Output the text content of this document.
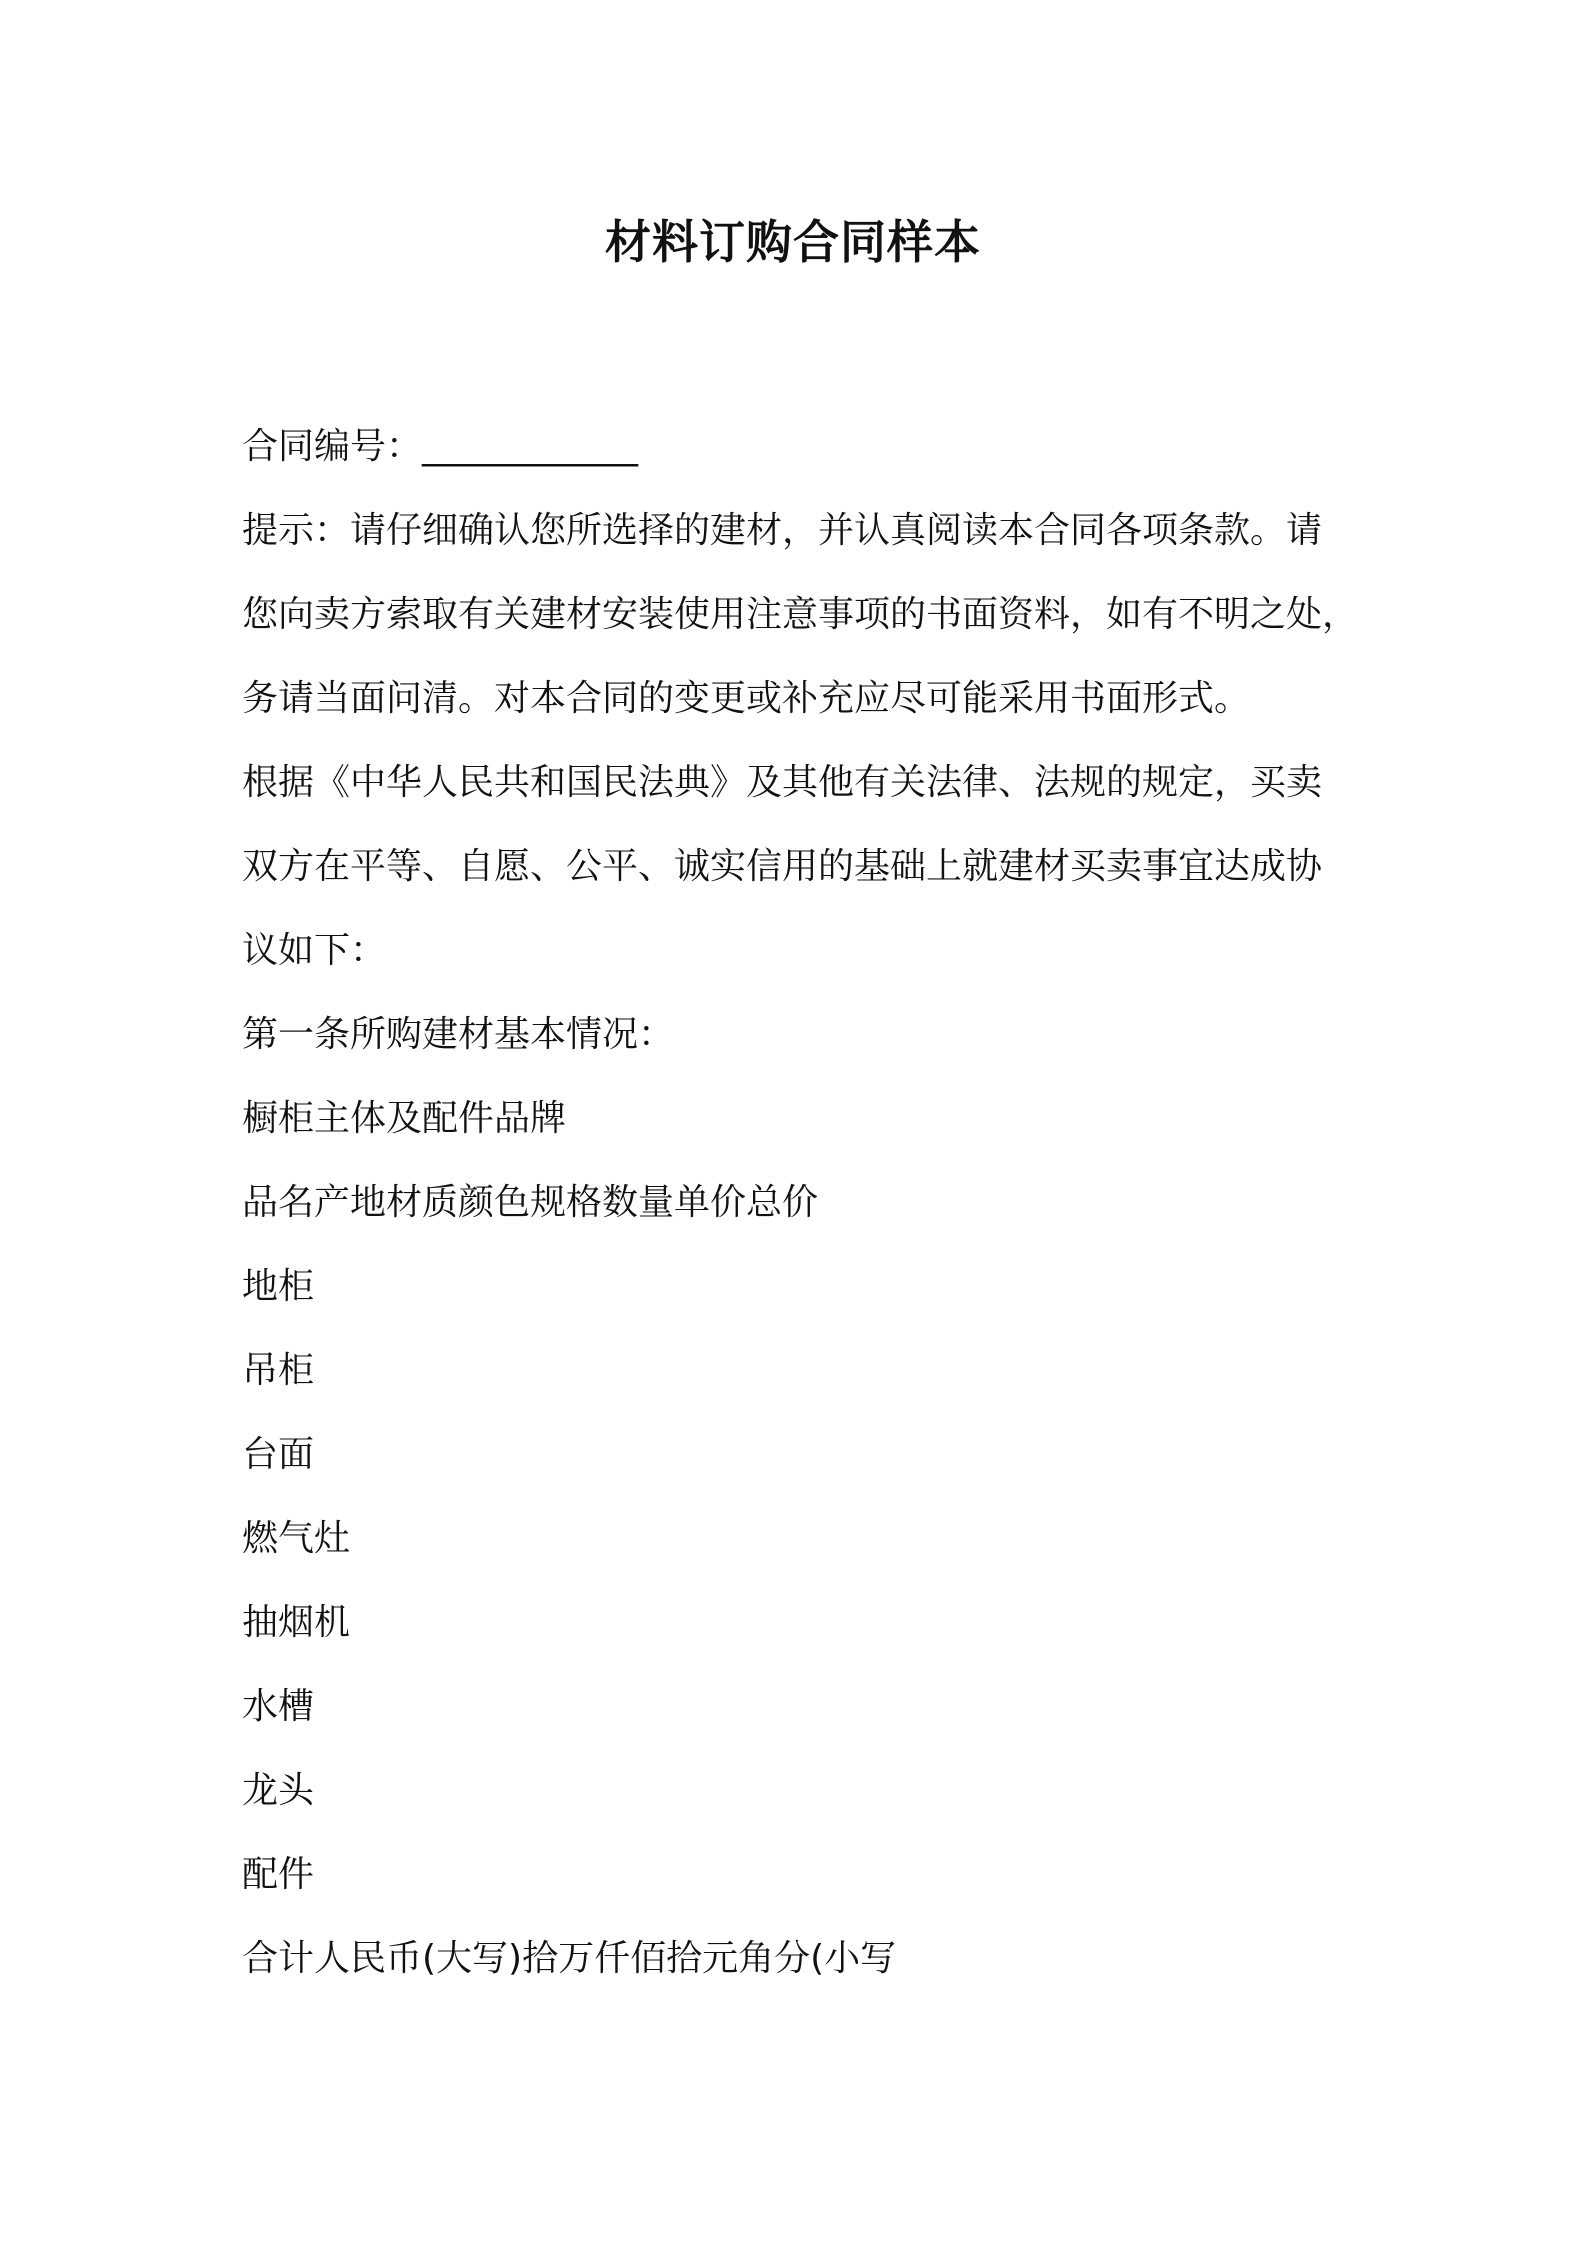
材料订购合同样本

合同编号：____________

提示：请仔细确认您所选择的建材，并认真阅读本合同各项条款。请

您向卖方索取有关建材安装使用注意事项的书面资料，如有不明之处，

务请当面问清。对本合同的变更或补充应尽可能采用书面形式。

根据《中华人民共和国民法典》及其他有关法律、法规的规定，买卖

双方在平等、自愿、公平、诚实信用的基础上就建材买卖事宜达成协

议如下：

第一条所购建材基本情况：

橱柜主体及配件品牌

品名产地材质颜色规格数量单价总价

地柜

吊柜

台面

燃气灶

抽烟机

水槽

龙头

配件

合计人民币(大写)拾万仟佰拾元角分(小写
